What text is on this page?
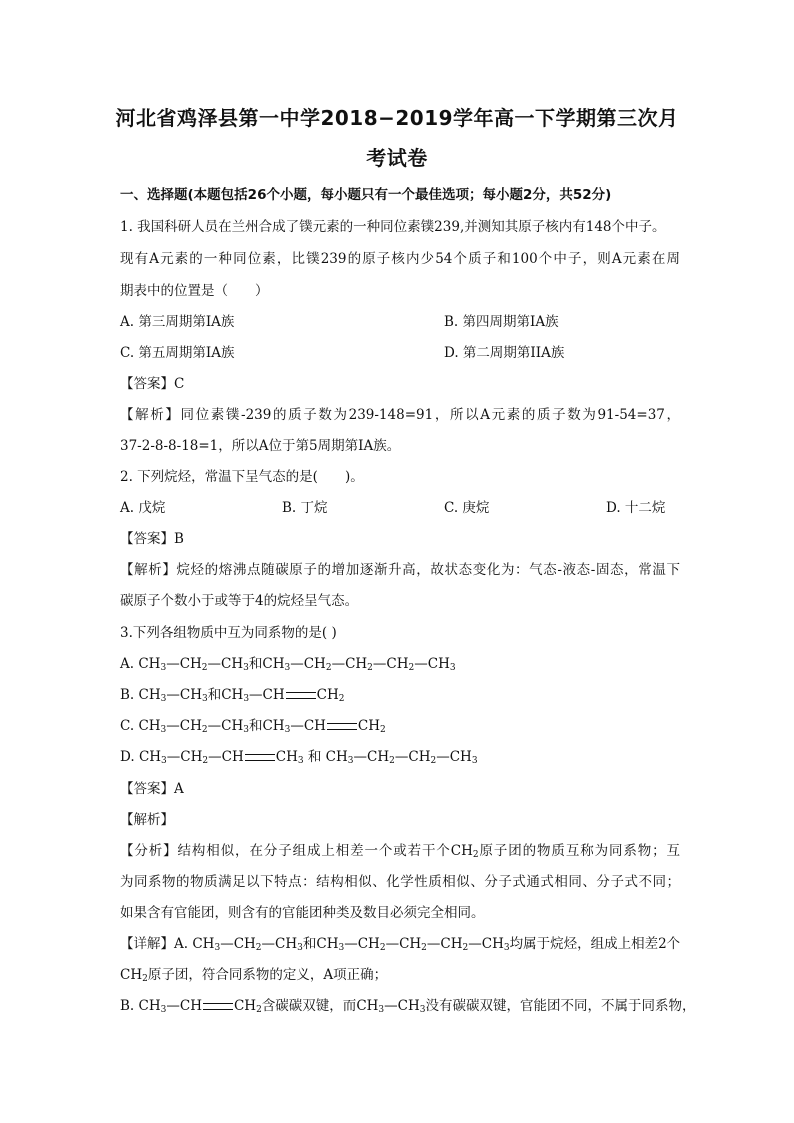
河北省鸡泽县第一中学2018−2019学年高一下学期第三次月
考试卷
一、选择题(本题包括26个小题，每小题只有一个最佳选项；每小题2分，共52分)
1. 我国科研人员在兰州合成了镤元素的一种同位素镤239,并测知其原子核内有148个中子。
现有A元素的一种同位素，比镤239的原子核内少54个质子和100个中子，则A元素在周
期表中的位置是（　　）
A. 第三周期第IA族	B. 第四周期第IA族
C. 第五周期第IA族	D. 第二周期第IIA族
【答案】C
【解析】同位素镤-239的质子数为239-148=91，所以A元素的质子数为91-54=37，
37-2-8-8-18=1，所以A位于第5周期第IA族。
2. 下列烷烃，常温下呈气态的是(　　)。
A. 戊烷	B. 丁烷	C. 庚烷	D. 十二烷
【答案】B
【解析】烷烃的熔沸点随碳原子的增加逐渐升高，故状态变化为：气态-液态-固态，常温下
碳原子个数小于或等于4的烷烃呈气态。
3.下列各组物质中互为同系物的是( )
A. $CH_3—CH_2—CH_3$和$CH_3—CH_2—CH_2—CH_2—CH_3$
B. $CH_3—CH_3$和$CH_3—CH$ $CH_2$
C. $CH_3—CH_2—CH_3$和$CH_3—CH$ $CH_2$
D. $CH_3—CH_2—CH$ $CH_3$ 和 $CH_3—CH_2—CH_2—CH_3$
【答案】A
【解析】
【分析】结构相似，在分子组成上相差一个或若干个$CH_2$原子团的物质互称为同系物；互
为同系物的物质满足以下特点：结构相似、化学性质相似、分子式通式相同、分子式不同；
如果含有官能团，则含有的官能团种类及数目必须完全相同。
【详解】A. $CH_3—CH_2—CH_3$和$CH_3—CH_2—CH_2—CH_2—CH_3$均属于烷烃，组成上相差2个
$CH_2$原子团，符合同系物的定义，A项正确；
B. $CH_3—CH$ $CH_2$含碳碳双键，而$CH_3—CH_3$没有碳碳双键，官能团不同，不属于同系物，
